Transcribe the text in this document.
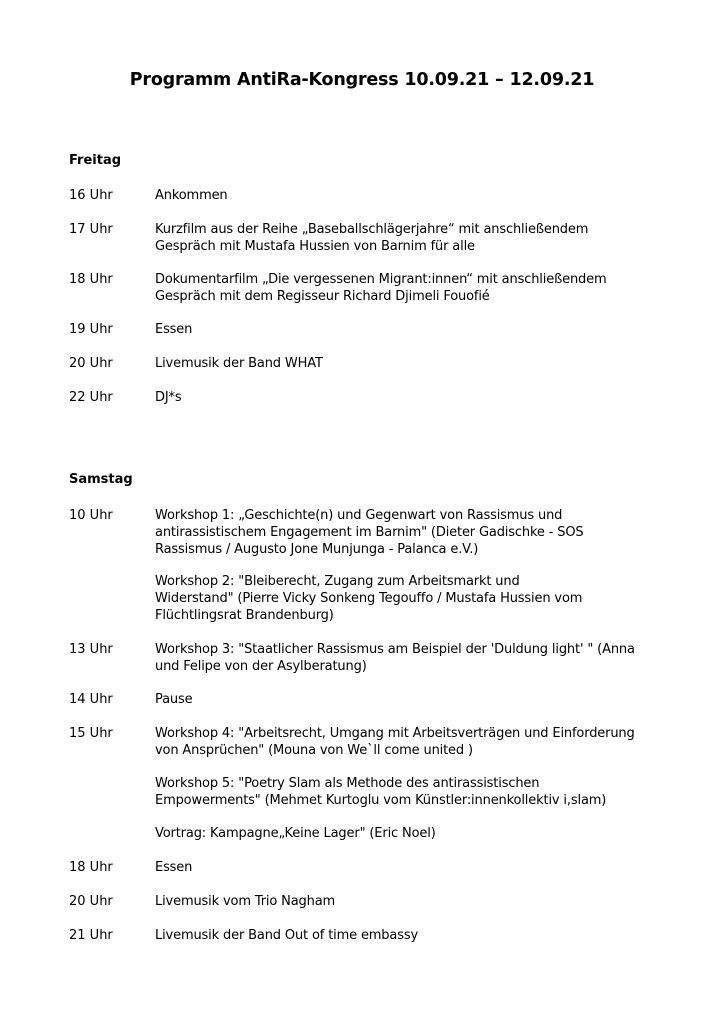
Programm AntiRa-Kongress 10.09.21 – 12.09.21
Freitag
16 Uhr	Ankommen
17 Uhr	Kurzfilm aus der Reihe „Baseballschlägerjahre“ mit anschließendem
Gespräch mit Mustafa Hussien von Barnim für alle
18 Uhr	Dokumentarfilm „Die vergessenen Migrant:innen“ mit anschließendem
Gespräch mit dem Regisseur Richard Djimeli Fouofié
19 Uhr	Essen
20 Uhr	Livemusik der Band WHAT
22 Uhr	DJ*s
Samstag
10 Uhr	Workshop 1: „Geschichte(n) und Gegenwart von Rassismus und
antirassistischem Engagement im Barnim" (Dieter Gadischke - SOS
Rassismus / Augusto Jone Munjunga - Palanca e.V.)
Workshop 2: "Bleiberecht, Zugang zum Arbeitsmarkt und
Widerstand" (Pierre Vicky Sonkeng Tegouffo / Mustafa Hussien vom
Flüchtlingsrat Brandenburg)
13 Uhr	Workshop 3: "Staatlicher Rassismus am Beispiel der 'Duldung light' " (Anna
und Felipe von der Asylberatung)
14 Uhr	Pause
15 Uhr	Workshop 4: "Arbeitsrecht, Umgang mit Arbeitsverträgen und Einforderung
von Ansprüchen" (Mouna von We`ll come united )
Workshop 5: "Poetry Slam als Methode des antirassistischen
Empowerments" (Mehmet Kurtoglu vom Künstler:innenkollektiv i,slam)
Vortrag: Kampagne„Keine Lager" (Eric Noel)
18 Uhr	Essen
20 Uhr	Livemusik vom Trio Nagham
21 Uhr	Livemusik der Band Out of time embassy
